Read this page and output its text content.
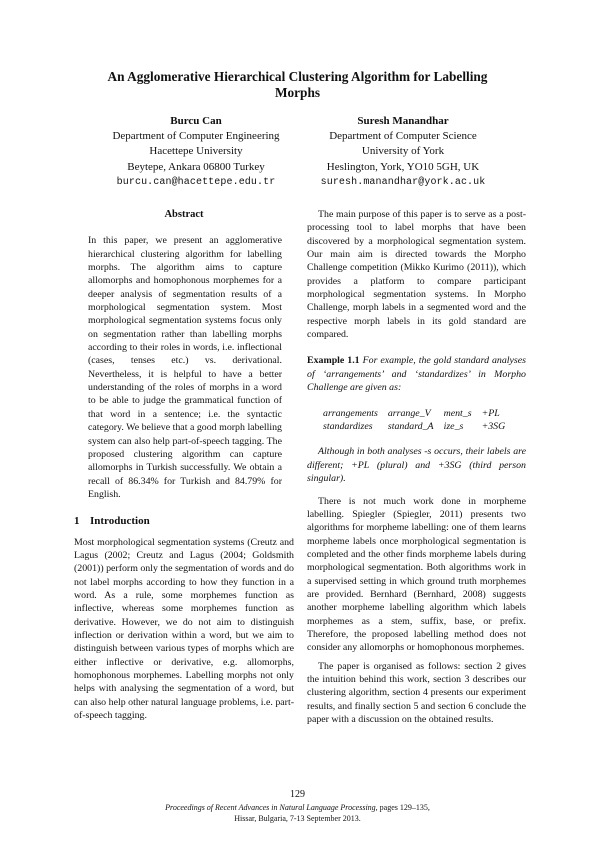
An Agglomerative Hierarchical Clustering Algorithm for Labelling Morphs
Burcu Can
Department of Computer Engineering
Hacettepe University
Beytepe, Ankara 06800 Turkey
burcu.can@hacettepe.edu.tr
Suresh Manandhar
Department of Computer Science
University of York
Heslington, York, YO10 5GH, UK
suresh.manandhar@york.ac.uk
Abstract

In this paper, we present an agglomerative hierarchical clustering algorithm for labelling morphs. The algorithm aims to capture allomorphs and homophonous morphemes for a deeper analysis of segmentation results of a morphological segmentation system. Most morphological segmentation systems focus only on segmentation rather than labelling morphs according to their roles in words, i.e. inflectional (cases, tenses etc.) vs. derivational. Nevertheless, it is helpful to have a better understanding of the roles of morphs in a word to be able to judge the grammatical function of that word in a sentence; i.e. the syntactic category. We believe that a good morph labelling system can also help part-of-speech tagging. The proposed clustering algorithm can capture allomorphs in Turkish successfully. We obtain a recall of 86.34% for Turkish and 84.79% for English.

1 Introduction

Most morphological segmentation systems (Creutz and Lagus (2002; Creutz and Lagus (2004; Goldsmith (2001)) perform only the segmentation of words and do not label morphs according to how they function in a word. As a rule, some morphemes function as inflective, whereas some morphemes function as derivative. However, we do not aim to distinguish inflection or derivation within a word, but we aim to distinguish between various types of morphs which are either inflective or derivative, e.g. allomorphs, homophonous morphemes. Labelling morphs not only helps with analysing the segmentation of a word, but can also help other natural language problems, i.e. part-of-speech tagging.

The main purpose of this paper is to serve as a post-processing tool to label morphs that have been discovered by a morphological segmentation system. Our main aim is directed towards the Morpho Challenge competition (Mikko Kurimo (2011)), which provides a platform to compare participant morphological segmentation systems. In Morpho Challenge, morph labels in a segmented word and the respective morph labels in its gold standard are compared.

Example 1.1 For example, the gold standard analyses of ‘arrangements’ and ‘standardizes’ in Morpho Challenge are given as:

arrangements	arrange_V	ment_s	+PL
standardizes	standard_A	ize_s	+3SG

Although in both analyses -s occurs, their labels are different; +PL (plural) and +3SG (third person singular).

There is not much work done in morpheme labelling. Spiegler (Spiegler, 2011) presents two algorithms for morpheme labelling: one of them learns morpheme labels once morphological segmentation is completed and the other finds morpheme labels during morphological segmentation. Both algorithms work in a supervised setting in which ground truth morphemes are provided. Bernhard (Bernhard, 2008) suggests another morpheme labelling algorithm which labels morphemes as a stem, suffix, base, or prefix. Therefore, the proposed labelling method does not consider any allomorphs or homophonous morphemes.

The paper is organised as follows: section 2 gives the intuition behind this work, section 3 describes our clustering algorithm, section 4 presents our experiment results, and finally section 5 and section 6 conclude the paper with a discussion on the obtained results.

129
Proceedings of Recent Advances in Natural Language Processing, pages 129–135,
Hissar, Bulgaria, 7-13 September 2013.
